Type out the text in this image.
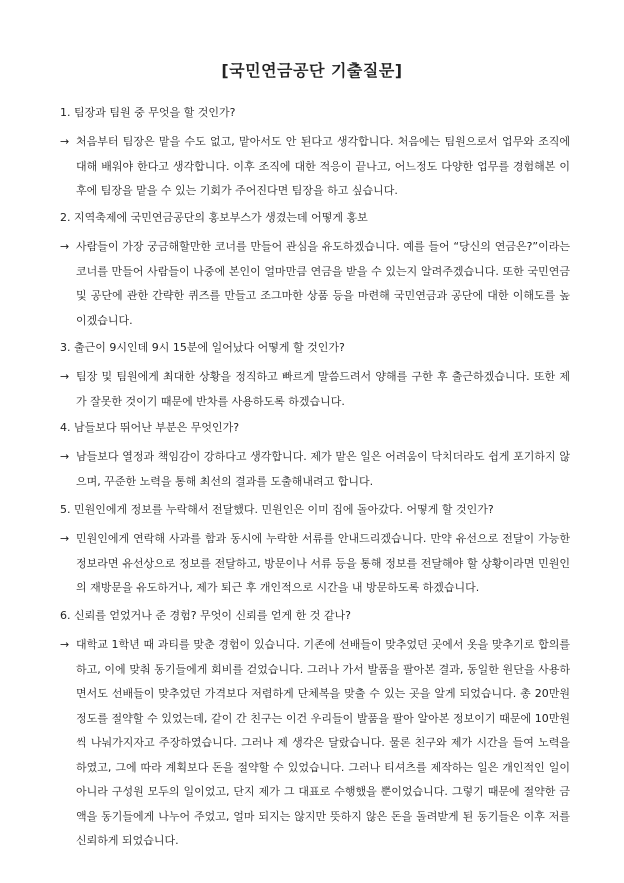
[국민연금공단 기출질문]

1. 팀장과 팀원 중 무엇을 할 것인가?

→ 처음부터 팀장은 맡을 수도 없고, 맡아서도 안 된다고 생각합니다. 처음에는 팀원으로서 업무와 조직에 대해 배워야 한다고 생각합니다. 이후 조직에 대한 적응이 끝나고, 어느정도 다양한 업무를 경험해본 이후에 팀장을 맡을 수 있는 기회가 주어진다면 팀장을 하고 싶습니다.

2. 지역축제에 국민연금공단의 홍보부스가 생겼는데 어떻게 홍보

→ 사람들이 가장 궁금해할만한 코너를 만들어 관심을 유도하겠습니다. 예를 들어 “당신의 연금은?”이라는 코너를 만들어 사람들이 나중에 본인이 얼마만큼 연금을 받을 수 있는지 알려주겠습니다. 또한 국민연금 및 공단에 관한 간략한 퀴즈를 만들고 조그마한 상품 등을 마련해 국민연금과 공단에 대한 이해도를 높이겠습니다.

3. 출근이 9시인데 9시 15분에 일어났다 어떻게 할 것인가?

→ 팀장 및 팀원에게 최대한 상황을 정직하고 빠르게 말씀드려서 양해를 구한 후 출근하겠습니다. 또한 제가 잘못한 것이기 때문에 반차를 사용하도록 하겠습니다.

4. 남들보다 뛰어난 부분은 무엇인가?

→ 남들보다 열정과 책임감이 강하다고 생각합니다. 제가 맡은 일은 어려움이 닥치더라도 쉽게 포기하지 않으며, 꾸준한 노력을 통해 최선의 결과를 도출해내려고 합니다.

5. 민원인에게 정보를 누락해서 전달했다. 민원인은 이미 집에 돌아갔다. 어떻게 할 것인가?

→ 민원인에게 연락해 사과를 함과 동시에 누락한 서류를 안내드리겠습니다. 만약 유선으로 전달이 가능한 정보라면 유선상으로 정보를 전달하고, 방문이나 서류 등을 통해 정보를 전달해야 할 상황이라면 민원인의 재방문을 유도하거나, 제가 퇴근 후 개인적으로 시간을 내 방문하도록 하겠습니다.

6. 신뢰를 얻었거나 준 경험? 무엇이 신뢰를 얻게 한 것 같나?

→ 대학교 1학년 때 과티를 맞춘 경험이 있습니다. 기존에 선배들이 맞추었던 곳에서 옷을 맞추기로 합의를 하고, 이에 맞춰 동기들에게 회비를 걷었습니다. 그러나 가서 발품을 팔아본 결과, 동일한 원단을 사용하면서도 선배들이 맞추었던 가격보다 저렴하게 단체복을 맞출 수 있는 곳을 알게 되었습니다. 총 20만원 정도를 절약할 수 있었는데, 같이 간 친구는 이건 우리들이 발품을 팔아 알아본 정보이기 때문에 10만원씩 나눠가지자고 주장하였습니다. 그러나 제 생각은 달랐습니다. 물론 친구와 제가 시간을 들여 노력을 하였고, 그에 따라 계획보다 돈을 절약할 수 있었습니다. 그러나 티셔츠를 제작하는 일은 개인적인 일이 아니라 구성원 모두의 일이었고, 단지 제가 그 대표로 수행했을 뿐이었습니다. 그렇기 때문에 절약한 금액을 동기들에게 나누어 주었고, 얼마 되지는 않지만 뜻하지 않은 돈을 돌려받게 된 동기들은 이후 저를 신뢰하게 되었습니다.
